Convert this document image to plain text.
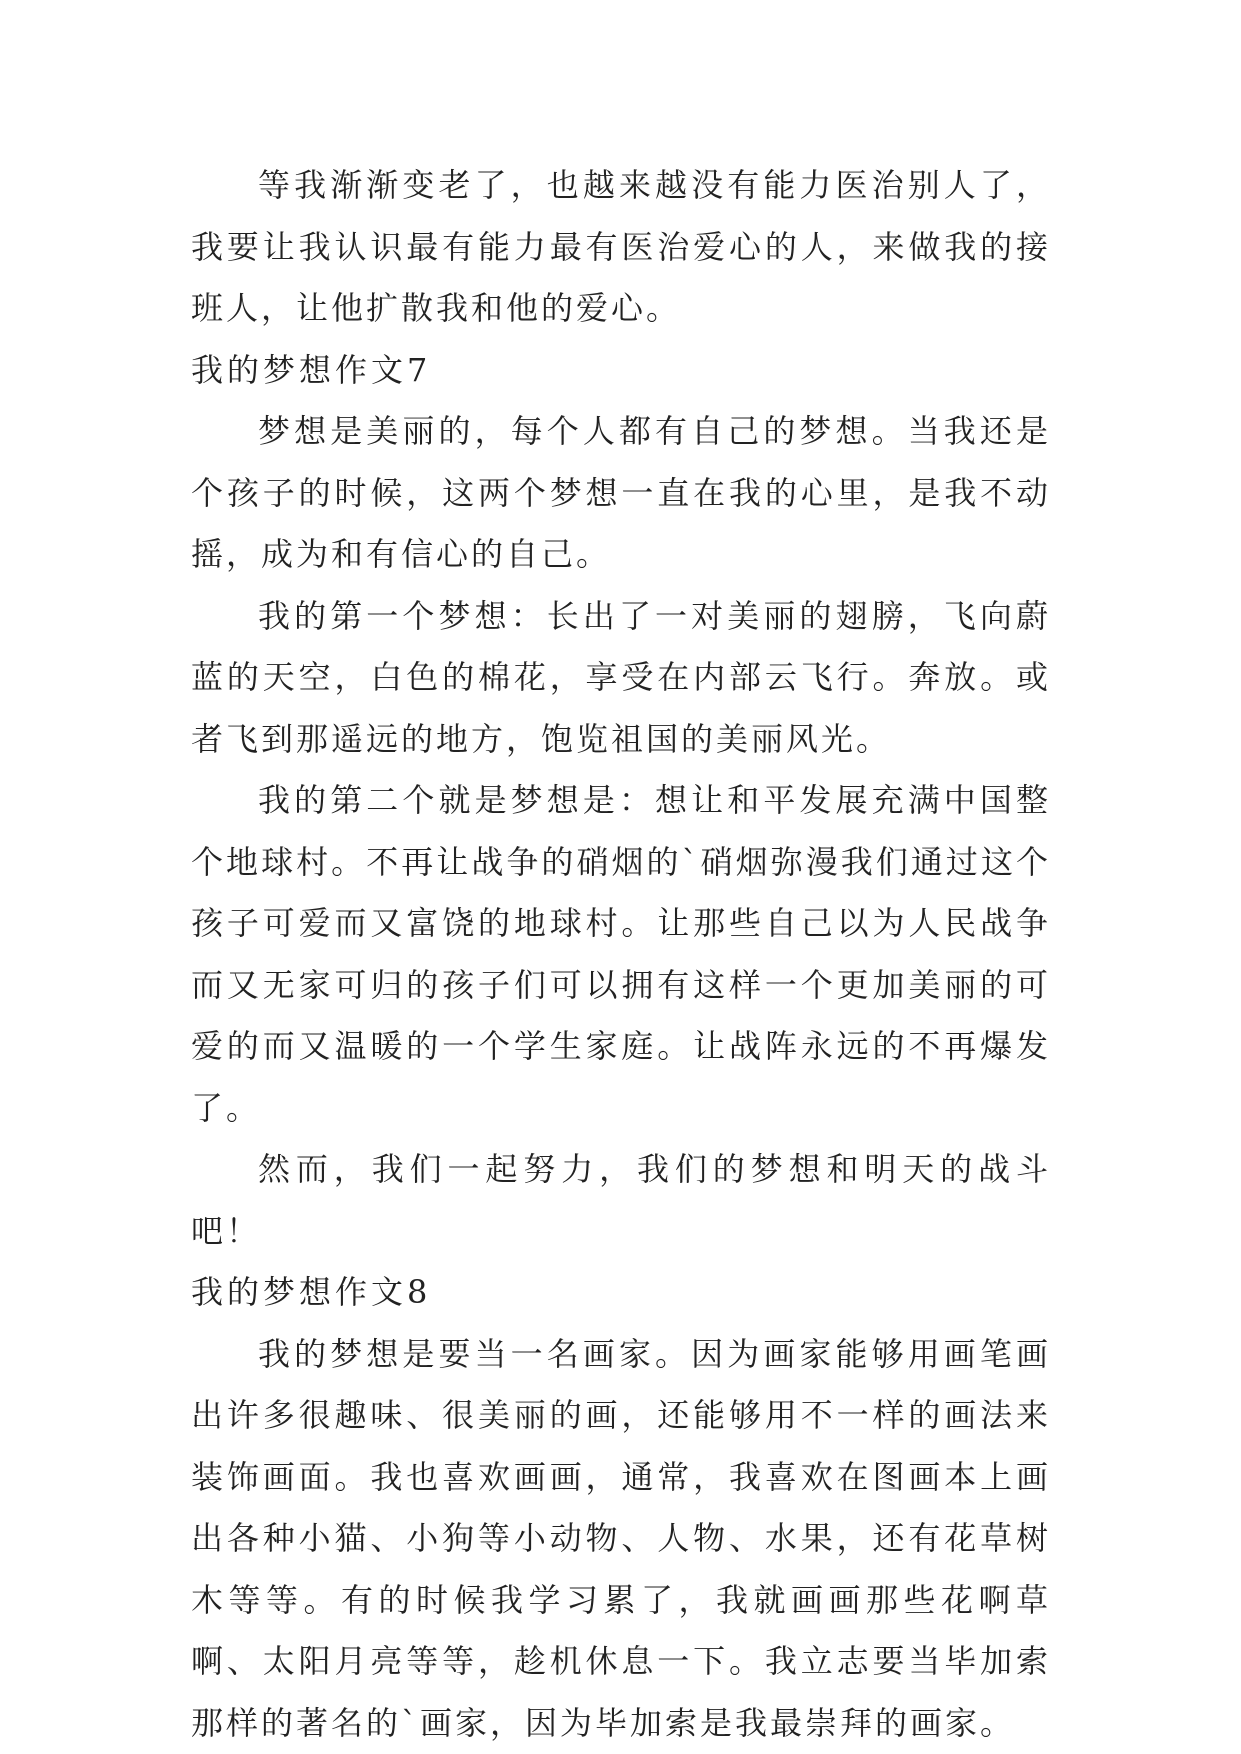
等我渐渐变老了，也越来越没有能力医治别人了，我要让我认识最有能力最有医治爱心的人，来做我的接班人，让他扩散我和他的爱心。

我的梦想作文7

梦想是美丽的，每个人都有自己的梦想。当我还是个孩子的时候，这两个梦想一直在我的心里，是我不动摇，成为和有信心的自己。

我的第一个梦想：长出了一对美丽的翅膀，飞向蔚蓝的天空，白色的棉花，享受在内部云飞行。奔放。或者飞到那遥远的地方，饱览祖国的美丽风光。

我的第二个就是梦想是：想让和平发展充满中国整个地球村。不再让战争的硝烟的`硝烟弥漫我们通过这个孩子可爱而又富饶的地球村。让那些自己以为人民战争而又无家可归的孩子们可以拥有这样一个更加美丽的可爱的而又温暖的一个学生家庭。让战阵永远的不再爆发了。

然而，我们一起努力，我们的梦想和明天的战斗吧！

我的梦想作文8

我的梦想是要当一名画家。因为画家能够用画笔画出许多很趣味、很美丽的画，还能够用不一样的画法来装饰画面。我也喜欢画画，通常，我喜欢在图画本上画出各种小猫、小狗等小动物、人物、水果，还有花草树木等等。有的时候我学习累了，我就画画那些花啊草啊、太阳月亮等等，趁机休息一下。我立志要当毕加索那样的著名的`画家，因为毕加索是我最崇拜的画家。
